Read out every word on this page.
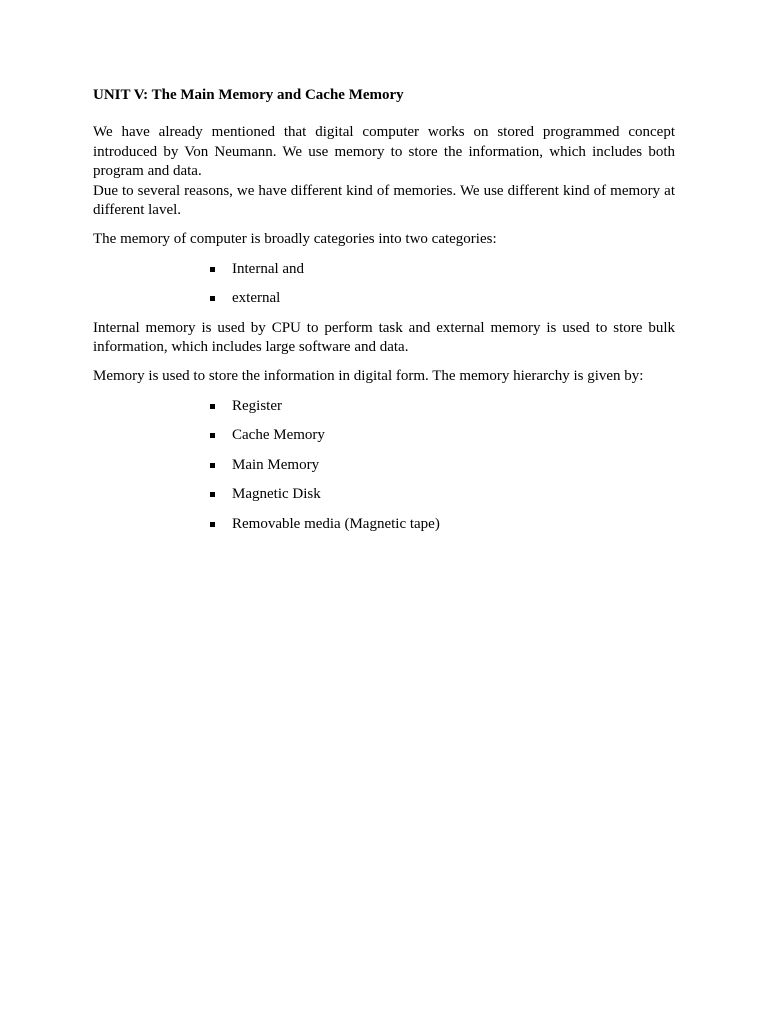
UNIT V: The Main Memory and Cache Memory

We have already mentioned that digital computer works on stored programmed concept introduced by Von Neumann. We use memory to store the information, which includes both program and data.

Due to several reasons, we have different kind of memories. We use different kind of memory at different lavel.

The memory of computer is broadly categories into two categories:

Internal and
external

Internal memory is used by CPU to perform task and external memory is used to store bulk information, which includes large software and data.

Memory is used to store the information in digital form. The memory hierarchy is given by:

Register
Cache Memory
Main Memory
Magnetic Disk
Removable media (Magnetic tape)
